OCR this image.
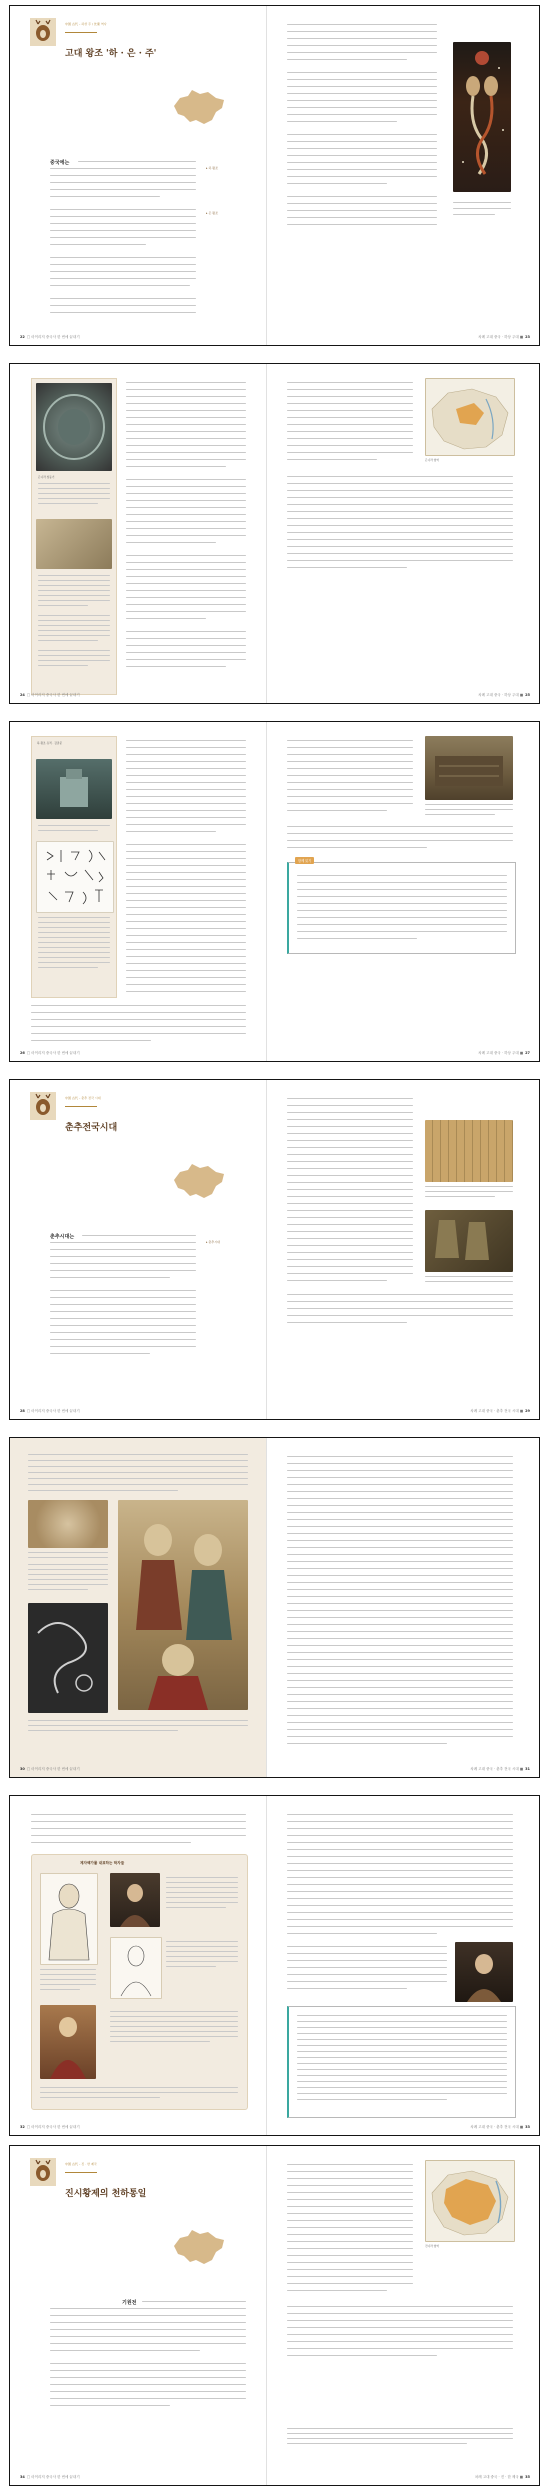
中国 古代 – 하상 주 / 先秦 역사
고대 왕조 '하 · 은 · 주'
중국에는
▸ 하 왕조
▸ 은 왕조
22 □ 마이리저 중국사 한 번에 끝내기	차례 고대 중국 · 하상 주대 ■ 23
은나라 청동기
24 □ 마이리저 중국사 한 번에 끝내기
은나라 영역
차례 고대 중국 · 하상 주대 ■ 25
하 왕조 유적 · 갑골문
26 □ 마이리저 중국사 한 번에 끝내기
함께 읽기
차례 고대 중국 · 하상 주대 ■ 27
中国 古代 – 춘추 전국 시대
춘추전국시대
춘추시대는
▸ 춘추시대
28 □ 마이리저 중국사 한 번에 끝내기	차례 고대 중국 · 춘추 전국 시대 ■ 29
30 □ 마이리저 중국사 한 번에 끝내기	차례 고대 중국 · 춘추 전국 시대 ■ 31
제자백가를 대표하는 학자들
32 □ 마이리저 중국사 한 번에 끝내기	차례 고대 중국 · 춘추 전국 시대 ■ 33
中国 古代 – 진 · 한 제국
진시황제의 천하통일
기원전
34 □ 마이리저 중국사 한 번에 끝내기
진나라 영역
차례 고대 중국 · 진 · 한 제국 ■ 35
